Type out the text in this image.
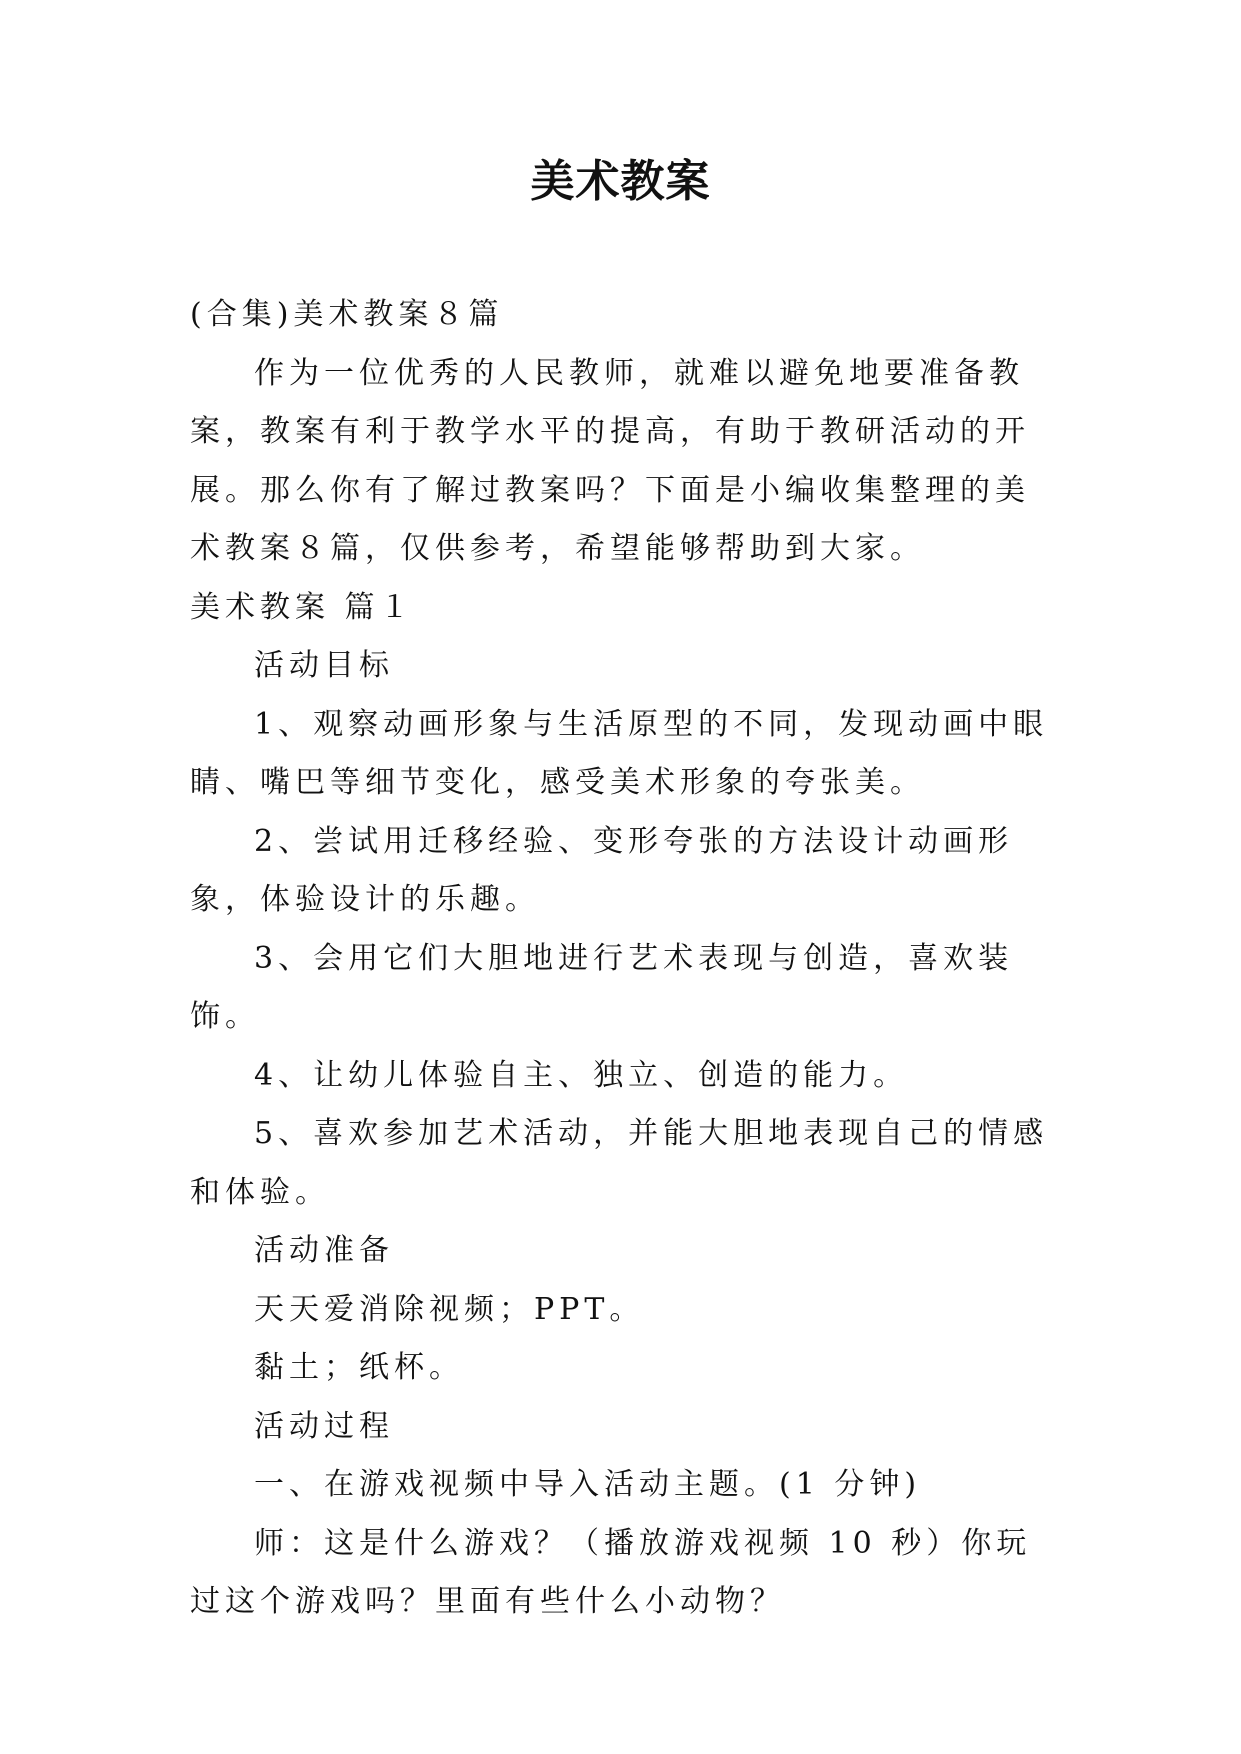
美术教案

(合集)美术教案８篇

作为一位优秀的人民教师，就难以避免地要准备教案，教案有利于教学水平的提高，有助于教研活动的开展。那么你有了解过教案吗？下面是小编收集整理的美术教案８篇，仅供参考，希望能够帮助到大家。

美术教案 篇１

活动目标

1、观察动画形象与生活原型的不同，发现动画中眼睛、嘴巴等细节变化，感受美术形象的夸张美。

2、尝试用迁移经验、变形夸张的方法设计动画形象，体验设计的乐趣。

3、会用它们大胆地进行艺术表现与创造，喜欢装饰。

4、让幼儿体验自主、独立、创造的能力。

5、喜欢参加艺术活动，并能大胆地表现自己的情感和体验。

活动准备

天天爱消除视频；PPT。

黏土；纸杯。

活动过程

一、在游戏视频中导入活动主题。(1 分钟)

师：这是什么游戏？（播放游戏视频 10 秒）你玩过这个游戏吗？里面有些什么小动物？
